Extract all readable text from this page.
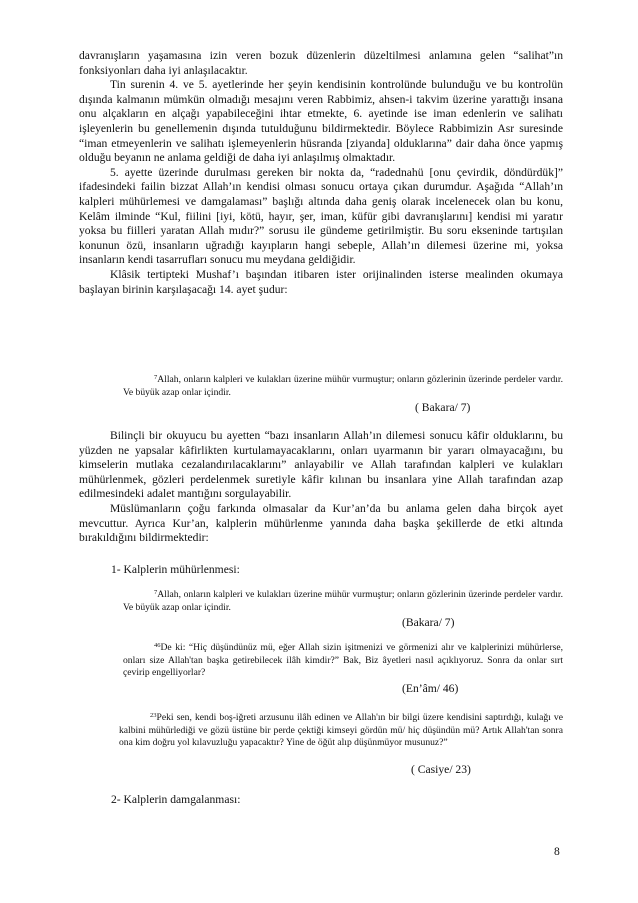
davranışların yaşamasına izin veren bozuk düzenlerin düzeltilmesi anlamına gelen “salihat”ın fonksiyonları daha iyi anlaşılacaktır.

Tin surenin 4. ve 5. ayetlerinde her şeyin kendisinin kontrolünde bulunduğu ve bu kontrolün dışında kalmanın mümkün olmadığı mesajını veren Rabbimiz, ahsen-i takvim üzerine yarattığı insana onu alçakların en alçağı yapabileceğini ihtar etmekte, 6. ayetinde ise iman edenlerin ve salihatı işleyenlerin bu genellemenin dışında tutulduğunu bildirmektedir. Böylece Rabbimizin Asr suresinde “iman etmeyenlerin ve salihatı işlemeyenlerin hüsranda [ziyanda] olduklarına” dair daha önce yapmış olduğu beyanın ne anlama geldiği de daha iyi anlaşılmış olmaktadır.

5. ayette üzerinde durulması gereken bir nokta da, “radednahü [onu çevirdik, döndürdük]” ifadesindeki failin bizzat Allah’ın kendisi olması sonucu ortaya çıkan durumdur. Aşağıda “Allah’ın kalpleri mühürlemesi ve damgalaması” başlığı altında daha geniş olarak incelenecek olan bu konu, Kelâm ilminde “Kul, fiilini [iyi, kötü, hayır, şer, iman, küfür gibi davranışlarını] kendisi mi yaratır yoksa bu fiilleri yaratan Allah mıdır?” sorusu ile gündeme getirilmiştir. Bu soru ekseninde tartışılan konunun özü, insanların uğradığı kayıpların hangi sebeple, Allah’ın dilemesi üzerine mi, yoksa insanların kendi tasarrufları sonucu mu meydana geldiğidir.

Klâsik tertipteki Mushaf’ı başından itibaren ister orijinalinden isterse mealinden okumaya başlayan birinin karşılaşacağı 14. ayet şudur:

$^7$Allah, onların kalpleri ve kulakları üzerine mühür vurmuştur; onların gözlerinin üzerinde perdeler vardır. Ve büyük azap onlar içindir.
( Bakara/ 7)

Bilinçli bir okuyucu bu ayetten “bazı insanların Allah’ın dilemesi sonucu kâfir olduklarını, bu yüzden ne yapsalar kâfirlikten kurtulamayacaklarını, onları uyarmanın bir yararı olmayacağını, bu kimselerin mutlaka cezalandırılacaklarını” anlayabilir ve Allah tarafından kalpleri ve kulakları mühürlenmek, gözleri perdelenmek suretiyle kâfir kılınan bu insanlara yine Allah tarafından azap edilmesindeki adalet mantığını sorgulayabilir.

Müslümanların çoğu farkında olmasalar da Kur’an’da bu anlama gelen daha birçok ayet mevcuttur. Ayrıca Kur’an, kalplerin mühürlenme yanında daha başka şekillerde de etki altında bırakıldığını bildirmektedir:

1- Kalplerin mühürlenmesi:
$^7$Allah, onların kalpleri ve kulakları üzerine mühür vurmuştur; onların gözlerinin üzerinde perdeler vardır. Ve büyük azap onlar içindir.
(Bakara/ 7)
$^{46}$De ki: “Hiç düşündünüz mü, eğer Allah sizin işitmenizi ve görmenizi alır ve kalplerinizi mühürlerse, onları size Allah'tan başka getirebilecek ilâh kimdir?” Bak, Biz âyetleri nasıl açıklıyoruz. Sonra da onlar sırt çevirip engelliyorlar?
(En’âm/ 46)
$^{23}$Peki sen, kendi boş-iğreti arzusunu ilâh edinen ve Allah'ın bir bilgi üzere kendisini saptırdığı, kulağı ve kalbini mühürlediği ve gözü üstüne bir perde çektiği kimseyi gördün mü/ hiç düşündün mü? Artık Allah'tan sonra ona kim doğru yol kılavuzluğu yapacaktır? Yine de öğüt alıp düşünmüyor musunuz?”
( Casiye/ 23)
2- Kalplerin damgalanması:
8
